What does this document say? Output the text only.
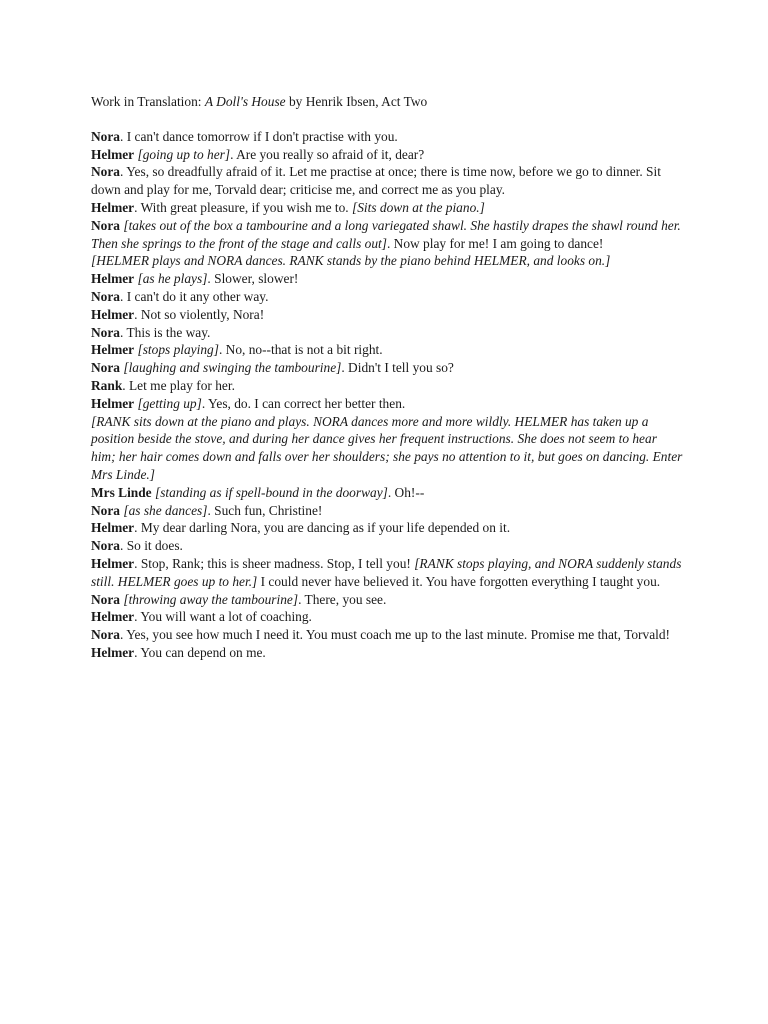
Work in Translation: A Doll's House by Henrik Ibsen, Act Two

Nora. I can't dance tomorrow if I don't practise with you.

Helmer [going up to her]. Are you really so afraid of it, dear?

Nora. Yes, so dreadfully afraid of it. Let me practise at once; there is time now, before we go to dinner. Sit down and play for me, Torvald dear; criticise me, and correct me as you play.

Helmer. With great pleasure, if you wish me to. [Sits down at the piano.]

Nora [takes out of the box a tambourine and a long variegated shawl. She hastily drapes the shawl round her. Then she springs to the front of the stage and calls out]. Now play for me! I am going to dance!

[HELMER plays and NORA dances. RANK stands by the piano behind HELMER, and looks on.]

Helmer [as he plays]. Slower, slower!

Nora. I can't do it any other way.

Helmer. Not so violently, Nora!

Nora. This is the way.

Helmer [stops playing]. No, no--that is not a bit right.

Nora [laughing and swinging the tambourine]. Didn't I tell you so?

Rank. Let me play for her.

Helmer [getting up]. Yes, do. I can correct her better then.

[RANK sits down at the piano and plays. NORA dances more and more wildly. HELMER has taken up a position beside the stove, and during her dance gives her frequent instructions. She does not seem to hear him; her hair comes down and falls over her shoulders; she pays no attention to it, but goes on dancing. Enter Mrs Linde.]

Mrs Linde [standing as if spell-bound in the doorway]. Oh!--

Nora [as she dances]. Such fun, Christine!

Helmer. My dear darling Nora, you are dancing as if your life depended on it.

Nora. So it does.

Helmer. Stop, Rank; this is sheer madness. Stop, I tell you! [RANK stops playing, and NORA suddenly stands still. HELMER goes up to her.] I could never have believed it. You have forgotten everything I taught you.

Nora [throwing away the tambourine]. There, you see.

Helmer. You will want a lot of coaching.

Nora. Yes, you see how much I need it. You must coach me up to the last minute. Promise me that, Torvald!

Helmer. You can depend on me.
